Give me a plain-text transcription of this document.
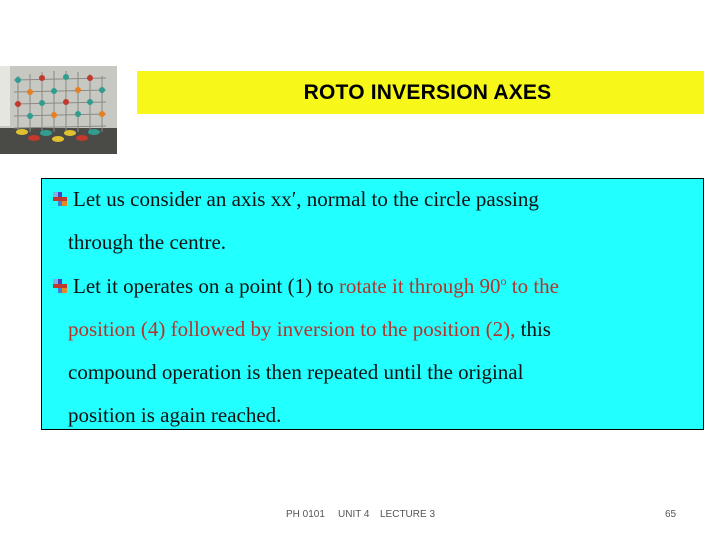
ROTO INVERSION AXES
Let us consider an axis xx′, normal to the circle passing
through the centre.
Let it operates on a point (1) to rotate it through 90$^o$ to the
position (4) followed by inversion to the position (2), this
compound operation is then repeated until the original
position is again reached.
PH 0101 UNIT 4 LECTURE 3	65
